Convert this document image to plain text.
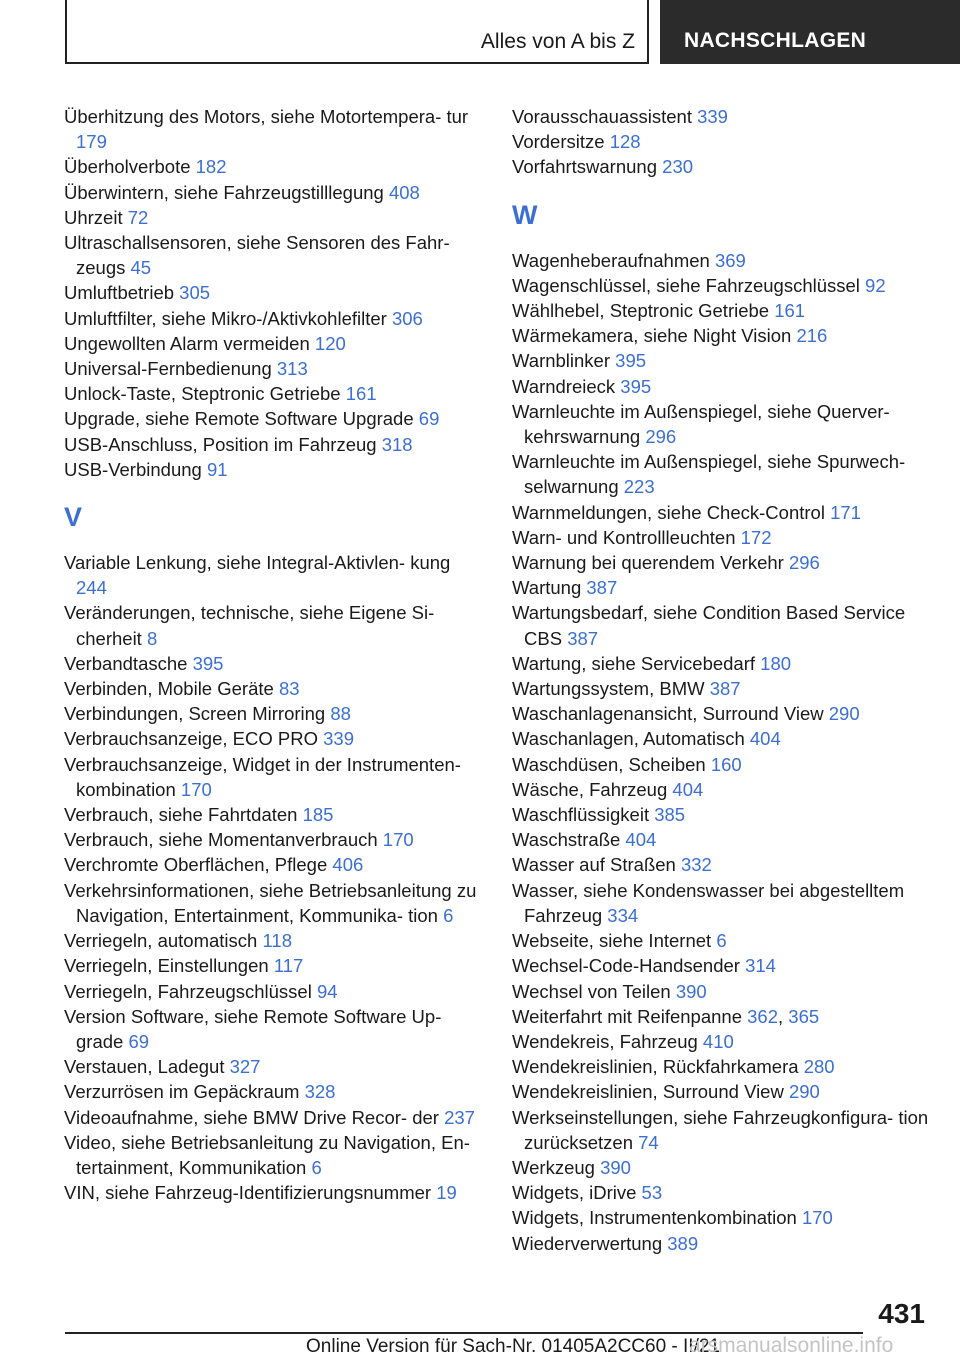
Alles von A bis Z NACHSCHLAGEN
Überhitzung des Motors, siehe Motortempera- tur 179
Überholverbote 182
Überwintern, siehe Fahrzeugstilllegung 408
Uhrzeit 72
Ultraschallsensoren, siehe Sensoren des Fahr- zeugs 45
Umluftbetrieb 305
Umluftfilter, siehe Mikro-/Aktivkohlefilter 306
Ungewollten Alarm vermeiden 120
Universal-Fernbedienung 313
Unlock-Taste, Steptronic Getriebe 161
Upgrade, siehe Remote Software Upgrade 69
USB-Anschluss, Position im Fahrzeug 318
USB-Verbindung 91
V
Variable Lenkung, siehe Integral-Aktivlen- kung 244
Veränderungen, technische, siehe Eigene Si- cherheit 8
Verbandtasche 395
Verbinden, Mobile Geräte 83
Verbindungen, Screen Mirroring 88
Verbrauchsanzeige, ECO PRO 339
Verbrauchsanzeige, Widget in der Instrumenten- kombination 170
Verbrauch, siehe Fahrtdaten 185
Verbrauch, siehe Momentanverbrauch 170
Verchromte Oberflächen, Pflege 406
Verkehrsinformationen, siehe Betriebsanleitung zu Navigation, Entertainment, Kommunika- tion 6
Verriegeln, automatisch 118
Verriegeln, Einstellungen 117
Verriegeln, Fahrzeugschlüssel 94
Version Software, siehe Remote Software Up- grade 69
Verstauen, Ladegut 327
Verzurrösen im Gepäckraum 328
Videoaufnahme, siehe BMW Drive Recor- der 237
Video, siehe Betriebsanleitung zu Navigation, En- tertainment, Kommunikation 6
VIN, siehe Fahrzeug-Identifizierungsnummer 19
Vorausschauassistent 339
Vordersitze 128
Vorfahrtswarnung 230
W
Wagenheberaufnahmen 369
Wagenschlüssel, siehe Fahrzeugschlüssel 92
Wählhebel, Steptronic Getriebe 161
Wärmekamera, siehe Night Vision 216
Warnblinker 395
Warndreieck 395
Warnleuchte im Außenspiegel, siehe Querver- kehrswarnung 296
Warnleuchte im Außenspiegel, siehe Spurwech- selwarnung 223
Warnmeldungen, siehe Check-Control 171
Warn- und Kontrollleuchten 172
Warnung bei querendem Verkehr 296
Wartung 387
Wartungsbedarf, siehe Condition Based Service CBS 387
Wartung, siehe Servicebedarf 180
Wartungssystem, BMW 387
Waschanlagenansicht, Surround View 290
Waschanlagen, Automatisch 404
Waschdüsen, Scheiben 160
Wäsche, Fahrzeug 404
Waschflüssigkeit 385
Waschstraße 404
Wasser auf Straßen 332
Wasser, siehe Kondenswasser bei abgestelltem Fahrzeug 334
Webseite, siehe Internet 6
Wechsel-Code-Handsender 314
Wechsel von Teilen 390
Weiterfahrt mit Reifenpanne 362, 365
Wendekreis, Fahrzeug 410
Wendekreislinien, Rückfahrkamera 280
Wendekreislinien, Surround View 290
Werkseinstellungen, siehe Fahrzeugkonfigura- tion zurücksetzen 74
Werkzeug 390
Widgets, iDrive 53
Widgets, Instrumentenkombination 170
Wiederverwertung 389
431
Online Version für Sach-Nr. 01405A2CC60 - II/21
arsmanualsonline.info
